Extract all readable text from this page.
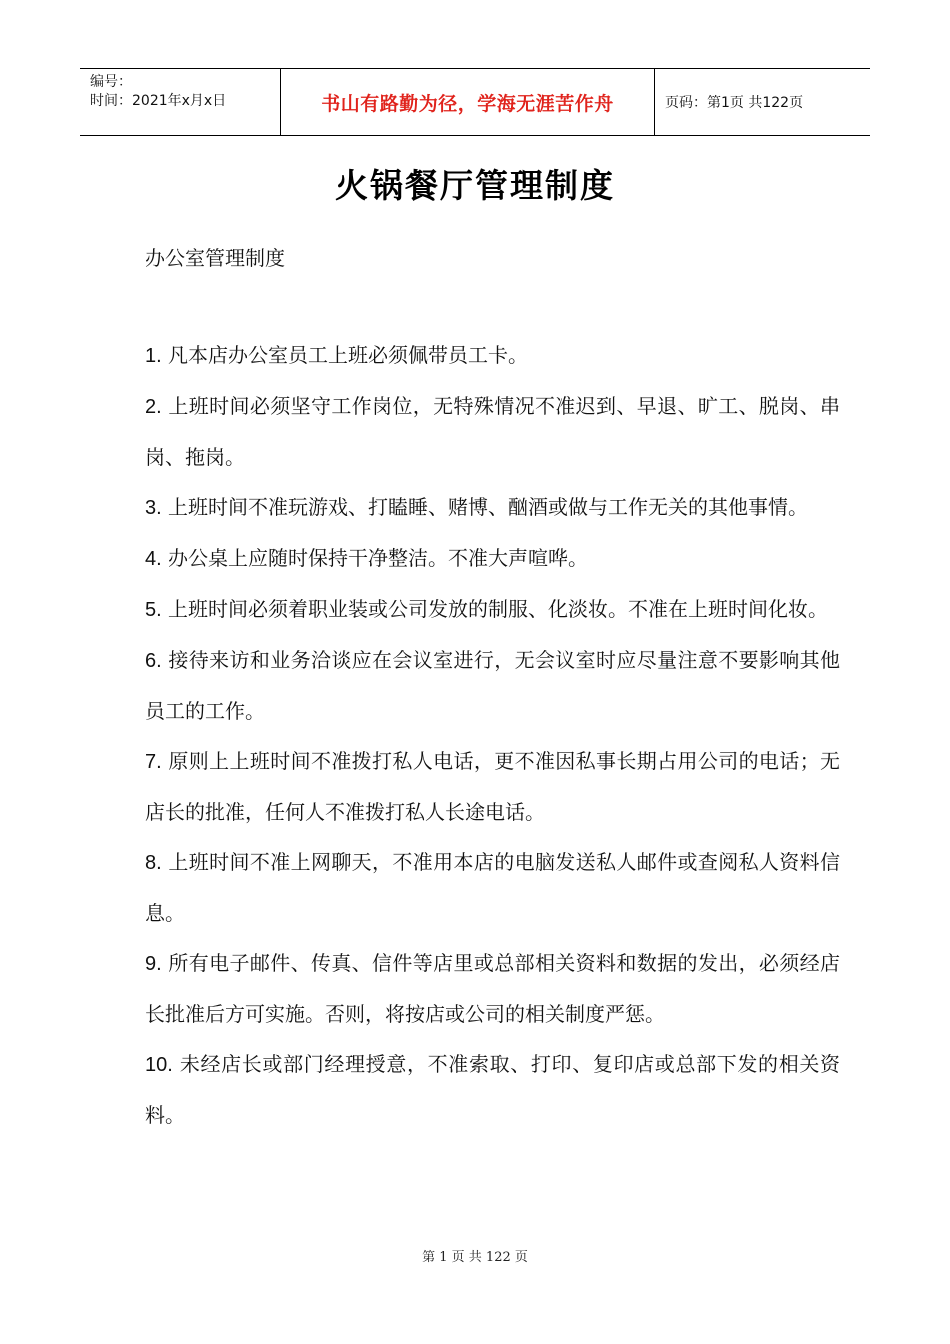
编号：
时间：2021年x月x日	书山有路勤为径，学海无涯苦作舟	页码：第1页 共122页
火锅餐厅管理制度
办公室管理制度

1. 凡本店办公室员工上班必须佩带员工卡。

2. 上班时间必须坚守工作岗位，无特殊情况不准迟到、早退、旷工、脱岗、串岗、拖岗。

3. 上班时间不准玩游戏、打瞌睡、赌博、酗酒或做与工作无关的其他事情。

4. 办公桌上应随时保持干净整洁。不准大声喧哗。

5. 上班时间必须着职业装或公司发放的制服、化淡妆。不准在上班时间化妆。

6. 接待来访和业务洽谈应在会议室进行，无会议室时应尽量注意不要影响其他员工的工作。

7. 原则上上班时间不准拨打私人电话，更不准因私事长期占用公司的电话；无店长的批准，任何人不准拨打私人长途电话。

8. 上班时间不准上网聊天，不准用本店的电脑发送私人邮件或查阅私人资料信息。

9. 所有电子邮件、传真、信件等店里或总部相关资料和数据的发出，必须经店长批准后方可实施。否则，将按店或公司的相关制度严惩。

10. 未经店长或部门经理授意，不准索取、打印、复印店或总部下发的相关资料。

第 1 页 共 122 页
